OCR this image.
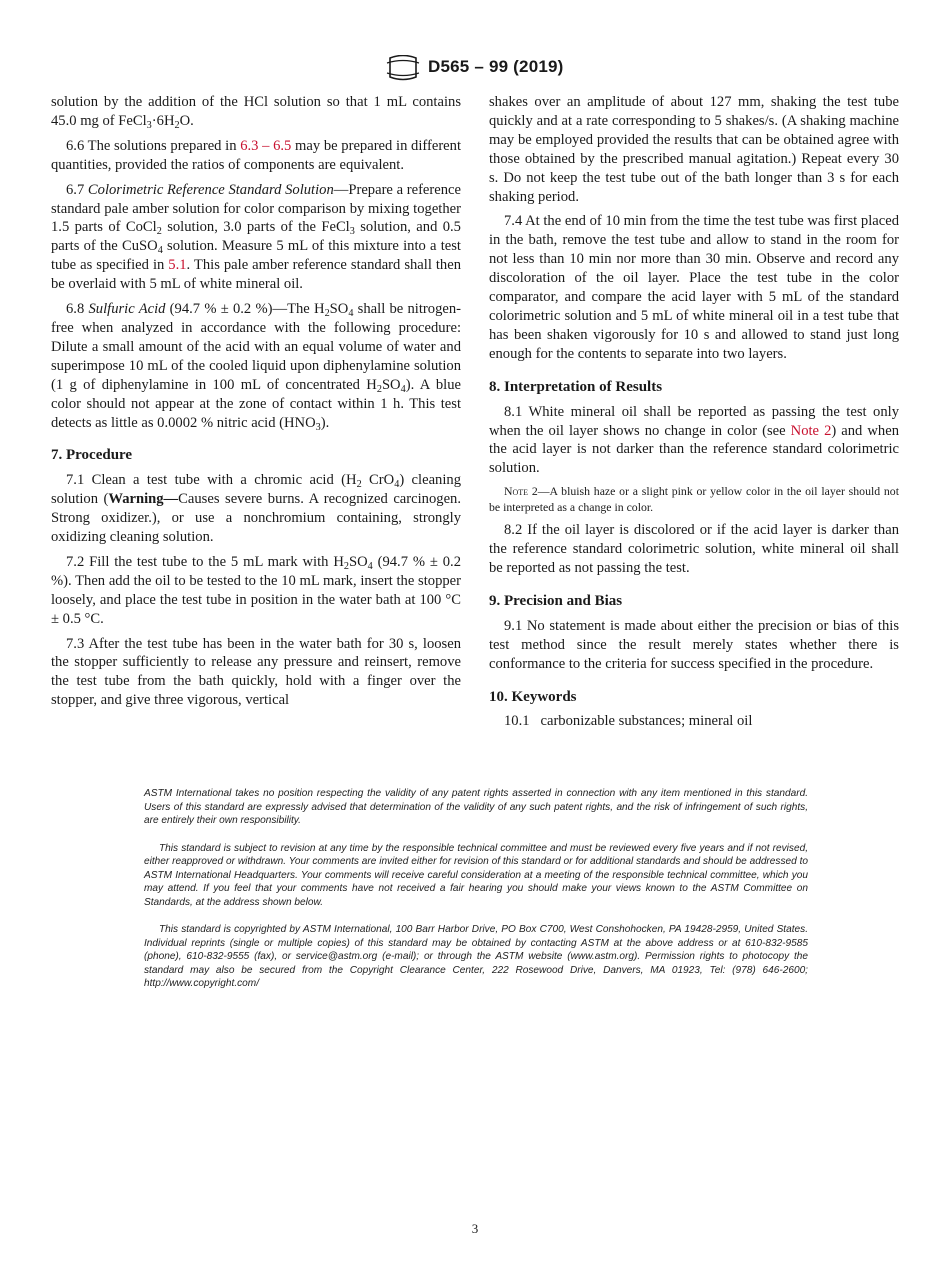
D565 – 99 (2019)

solution by the addition of the HCl solution so that 1 mL contains 45.0 mg of $FeCl_3\cdot 6H_2O$.

6.6 The solutions prepared in 6.3 – 6.5 may be prepared in different quantities, provided the ratios of components are equivalent.

6.7 Colorimetric Reference Standard Solution—Prepare a reference standard pale amber solution for color comparison by mixing together 1.5 parts of CoCl$_2$ solution, 3.0 parts of the FeCl$_3$ solution, and 0.5 parts of the CuSO$_4$ solution. Measure 5 mL of this mixture into a test tube as specified in 5.1. This pale amber reference standard shall then be overlaid with 5 mL of white mineral oil.

6.8 Sulfuric Acid (94.7 % ± 0.2 %)—The $H_2SO_4$ shall be nitrogen-free when analyzed in accordance with the following procedure: Dilute a small amount of the acid with an equal volume of water and superimpose 10 mL of the cooled liquid upon diphenylamine solution (1 g of diphenylamine in 100 mL of concentrated $H_2SO_4$). A blue color should not appear at the zone of contact within 1 h. This test detects as little as 0.0002 % nitric acid $(HNO_3)$.

7. Procedure

7.1 Clean a test tube with a chromic acid ($H_2$ CrO$_4$) cleaning solution (Warning—Causes severe burns. A recognized carcinogen. Strong oxidizer.), or use a nonchromium containing, strongly oxidizing cleaning solution.

7.2 Fill the test tube to the 5 mL mark with $H_2SO_4$ (94.7 % ± 0.2 %). Then add the oil to be tested to the 10 mL mark, insert the stopper loosely, and place the test tube in position in the water bath at 100 °C ± 0.5 °C.

7.3 After the test tube has been in the water bath for 30 s, loosen the stopper sufficiently to release any pressure and reinsert, remove the test tube from the bath quickly, hold with a finger over the stopper, and give three vigorous, vertical

shakes over an amplitude of about 127 mm, shaking the test tube quickly and at a rate corresponding to 5 shakes/s. (A shaking machine may be employed provided the results that can be obtained agree with those obtained by the prescribed manual agitation.) Repeat every 30 s. Do not keep the test tube out of the bath longer than 3 s for each shaking period.

7.4 At the end of 10 min from the time the test tube was first placed in the bath, remove the test tube and allow to stand in the room for not less than 10 min nor more than 30 min. Observe and record any discoloration of the oil layer. Place the test tube in the color comparator, and compare the acid layer with 5 mL of the standard colorimetric solution and 5 mL of white mineral oil in a test tube that has been shaken vigorously for 10 s and allowed to stand just long enough for the contents to separate into two layers.

8. Interpretation of Results

8.1 White mineral oil shall be reported as passing the test only when the oil layer shows no change in color (see Note 2) and when the acid layer is not darker than the reference standard colorimetric solution.

Note 2—A bluish haze or a slight pink or yellow color in the oil layer should not be interpreted as a change in color.

8.2 If the oil layer is discolored or if the acid layer is darker than the reference standard colorimetric solution, white mineral oil shall be reported as not passing the test.

9. Precision and Bias

9.1 No statement is made about either the precision or bias of this test method since the result merely states whether there is conformance to the criteria for success specified in the procedure.

10. Keywords

10.1   carbonizable substances; mineral oil

ASTM International takes no position respecting the validity of any patent rights asserted in connection with any item mentioned in this standard. Users of this standard are expressly advised that determination of the validity of any such patent rights, and the risk of infringement of such rights, are entirely their own responsibility.

This standard is subject to revision at any time by the responsible technical committee and must be reviewed every five years and if not revised, either reapproved or withdrawn. Your comments are invited either for revision of this standard or for additional standards and should be addressed to ASTM International Headquarters. Your comments will receive careful consideration at a meeting of the responsible technical committee, which you may attend. If you feel that your comments have not received a fair hearing you should make your views known to the ASTM Committee on Standards, at the address shown below.

This standard is copyrighted by ASTM International, 100 Barr Harbor Drive, PO Box C700, West Conshohocken, PA 19428-2959, United States. Individual reprints (single or multiple copies) of this standard may be obtained by contacting ASTM at the above address or at 610-832-9585 (phone), 610-832-9555 (fax), or service@astm.org (e-mail); or through the ASTM website (www.astm.org). Permission rights to photocopy the standard may also be secured from the Copyright Clearance Center, 222 Rosewood Drive, Danvers, MA 01923, Tel: (978) 646-2600; http://www.copyright.com/

3
